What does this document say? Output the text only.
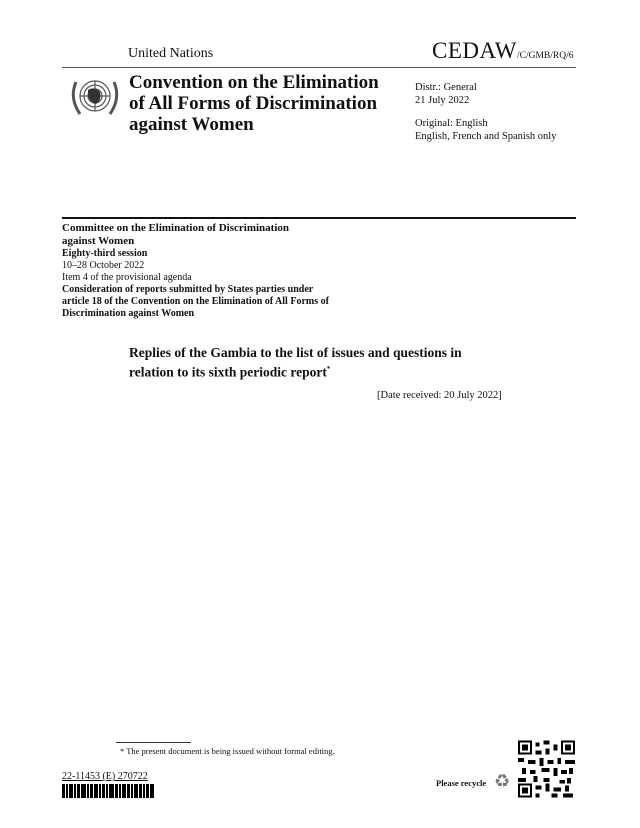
United Nations	CEDAW/C/GMB/RQ/6
Convention on the Elimination
of All Forms of Discrimination
against Women
Distr.: General
21 July 2022
Original: English
English, French and Spanish only
Committee on the Elimination of Discrimination
against Women
Eighty-third session
10–28 October 2022
Item 4 of the provisional agenda
Consideration of reports submitted by States parties under
article 18 of the Convention on the Elimination of All Forms of
Discrimination against Women
Replies of the Gambia to the list of issues and questions in
relation to its sixth periodic report*
[Date received: 20 July 2022]
* The present document is being issued without formal editing.
22-11453 (E) 270722
Please recycle ♻
